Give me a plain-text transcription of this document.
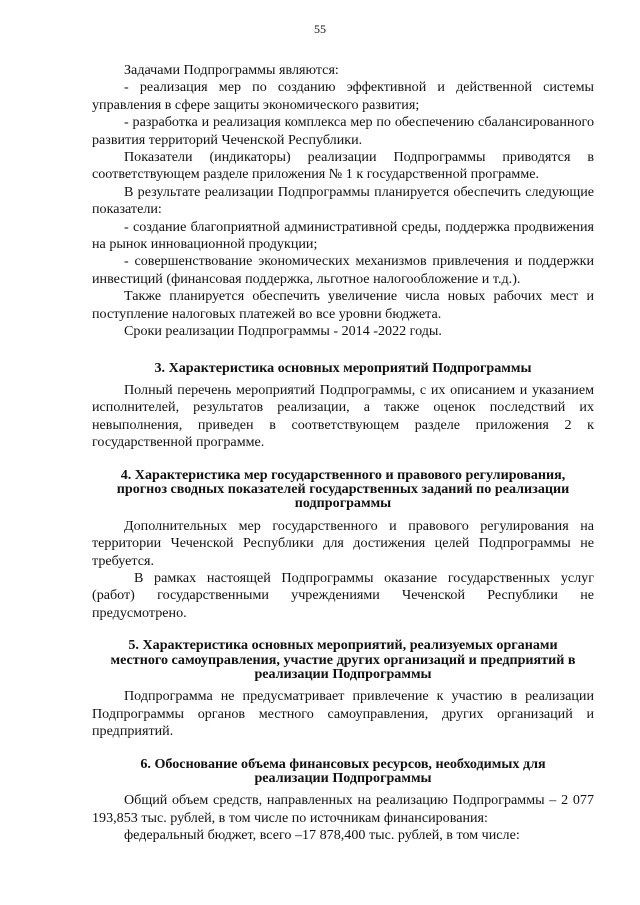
55

Задачами Подпрограммы являются:

- реализация мер по созданию эффективной и действенной системы управления в сфере защиты экономического развития;

- разработка и реализация комплекса мер по обеспечению сбалансированного развития территорий Чеченской Республики.

Показатели (индикаторы) реализации Подпрограммы приводятся в соответствующем разделе приложения № 1 к государственной программе.

В результате реализации Подпрограммы планируется обеспечить следующие показатели:

- создание благоприятной административной среды, поддержка продвижения на рынок инновационной продукции;

- совершенствование экономических механизмов привлечения и поддержки инвестиций (финансовая поддержка, льготное налогообложение и т.д.).

Также планируется обеспечить увеличение числа новых рабочих мест и поступление налоговых платежей во все уровни бюджета.

Сроки реализации Подпрограммы - 2014 -2022 годы.

3. Характеристика основных мероприятий Подпрограммы

Полный перечень мероприятий Подпрограммы, с их описанием и указанием исполнителей, результатов реализации, а также оценок последствий их невыполнения, приведен в соответствующем разделе приложения 2 к государственной программе.

4. Характеристика мер государственного и правового регулирования,
прогноз сводных показателей государственных заданий по реализации
подпрограммы

Дополнительных мер государственного и правового регулирования на территории Чеченской Республики для достижения целей Подпрограммы не требуется.

В рамках настоящей Подпрограммы оказание государственных услуг (работ) государственными учреждениями Чеченской Республики не предусмотрено.

5. Характеристика основных мероприятий, реализуемых органами
местного самоуправления, участие других организаций и предприятий в
реализации Подпрограммы

Подпрограмма не предусматривает привлечение к участию в реализации Подпрограммы органов местного самоуправления, других организаций и предприятий.

6. Обоснование объема финансовых ресурсов, необходимых для
реализации Подпрограммы

Общий объем средств, направленных на реализацию Подпрограммы – 2 077 193,853 тыс. рублей, в том числе по источникам финансирования:

федеральный бюджет, всего –17 878,400 тыс. рублей, в том числе:
